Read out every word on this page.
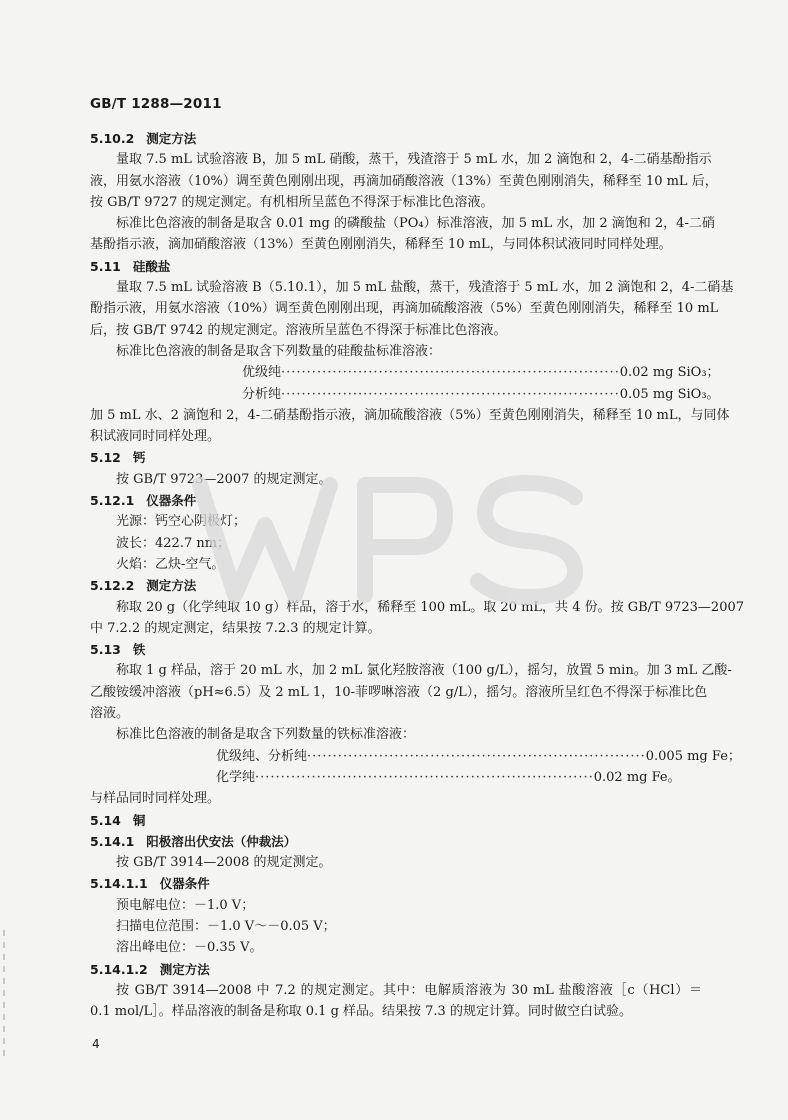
GB/T 1288—2011
5.10.2 测定方法
量取 7.5 mL 试验溶液 B，加 5 mL 硝酸，蒸干，残渣溶于 5 mL 水，加 2 滴饱和 2，4-二硝基酚指示
液，用氨水溶液（10%）调至黄色刚刚出现，再滴加硝酸溶液（13%）至黄色刚刚消失，稀释至 10 mL 后，
按 GB/T 9727 的规定测定。有机相所呈蓝色不得深于标准比色溶液。
标准比色溶液的制备是取含 0.01 mg 的磷酸盐（PO₄）标准溶液，加 5 mL 水，加 2 滴饱和 2，4-二硝
基酚指示液，滴加硝酸溶液（13%）至黄色刚刚消失，稀释至 10 mL，与同体积试液同时同样处理。
5.11 硅酸盐
量取 7.5 mL 试验溶液 B（5.10.1），加 5 mL 盐酸，蒸干，残渣溶于 5 mL 水，加 2 滴饱和 2，4-二硝基
酚指示液，用氨水溶液（10%）调至黄色刚刚出现，再滴加硫酸溶液（5%）至黄色刚刚消失，稀释至 10 mL
后，按 GB/T 9742 的规定测定。溶液所呈蓝色不得深于标准比色溶液。
标准比色溶液的制备是取含下列数量的硅酸盐标准溶液：
优级纯 ·································································· 0.02 mg SiO₃；
分析纯 ·································································· 0.05 mg SiO₃。
加 5 mL 水、2 滴饱和 2，4-二硝基酚指示液，滴加硫酸溶液（5%）至黄色刚刚消失，稀释至 10 mL，与同体
积试液同时同样处理。
5.12 钙
按 GB/T 9723—2007 的规定测定。
5.12.1 仪器条件
光源：钙空心阴极灯；
波长：422.7 nm；
火焰：乙炔-空气。
5.12.2 测定方法
称取 20 g（化学纯取 10 g）样品，溶于水，稀释至 100 mL。取 20 mL，共 4 份。按 GB/T 9723—2007
中 7.2.2 的规定测定，结果按 7.2.3 的规定计算。
5.13 铁
称取 1 g 样品，溶于 20 mL 水，加 2 mL 氯化羟胺溶液（100 g/L），摇匀，放置 5 min。加 3 mL 乙酸-
乙酸铵缓冲溶液（pH≈6.5）及 2 mL 1，10-菲啰啉溶液（2 g/L），摇匀。溶液所呈红色不得深于标准比色
溶液。
标准比色溶液的制备是取含下列数量的铁标准溶液：
优级纯、分析纯 ·································································· 0.005 mg Fe；
化学纯 ·································································· 0.02 mg Fe。
与样品同时同样处理。
5.14 铜
5.14.1 阳极溶出伏安法（仲裁法）
按 GB/T 3914—2008 的规定测定。
5.14.1.1 仪器条件
预电解电位：－1.0 V；
扫描电位范围：－1.0 V～－0.05 V；
溶出峰电位：－0.35 V。
5.14.1.2 测定方法
按 GB/T 3914—2008 中 7.2 的规定测定。其中：电解质溶液为 30 mL 盐酸溶液［c（HCl）＝
0.1 mol/L］。样品溶液的制备是称取 0.1 g 样品。结果按 7.3 的规定计算。同时做空白试验。
4
